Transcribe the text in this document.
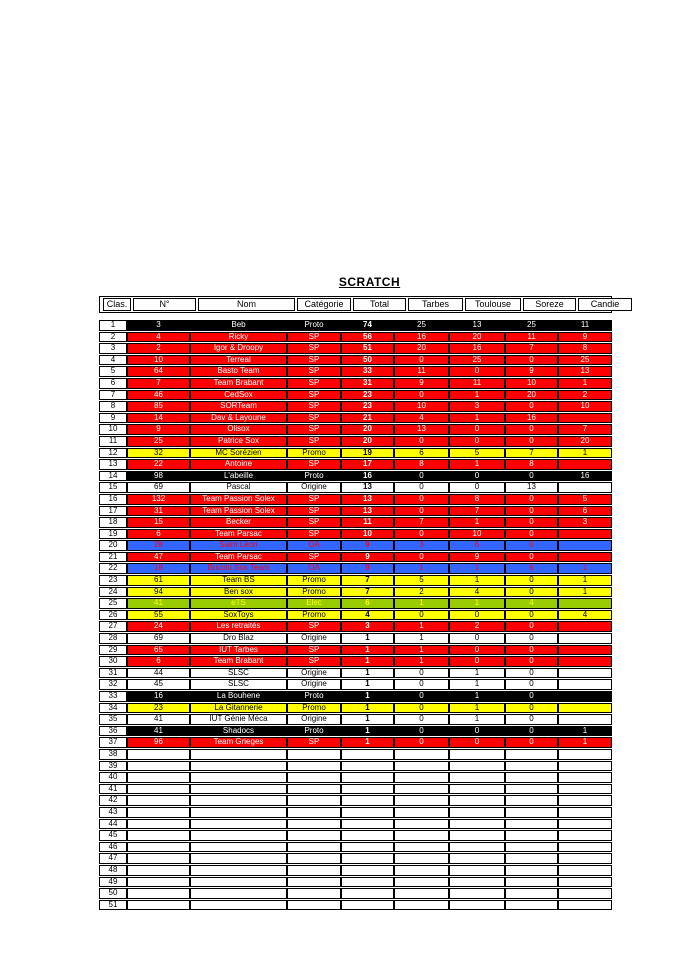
SCRATCH
Clas.	N°	Nom	Catégorie	Total	Tarbes	Toulouse	Soreze	Candie
1	3	Beb	Proto	74	25	13	25	11
2	4	Ricky	SP	56	16	20	11	9
3	2	Igor & Droopy	SP	51	20	16	7	8
4	10	Terreal	SP	50	0	25	0	25
5	64	Basto Team	SP	33	11	0	9	13
6	7	Team Brabant	SP	31	9	11	10	1
7	46	CedSox	SP	23	0	1	20	2
8	85	SORTeam	SP	23	10	3	0	10
9	14	Dav & Layoune	SP	21	4	1	16	
10	9	Olisox	SP	20	13	0	0	7
11	25	Patrice Sox	SP	20	0	0	0	20
12	32	MC Sorézien	Promo	19	6	5	7	1
13	22	Antoine	SP	17	8	1	8	
14	98	L'abeille	Proto	16	0	0	0	16
15	69	Pascal	Origine	13	0	0	13	
16	132	Team Passion Solex	SP	13	0	8	0	5
17	31	Team Passion Solex	SP	13	0	7	0	6
18	15	Becker	SP	11	7	1	0	3
19	6	Team Parsac	SP	10	0	10	0	
20	28	Saint Léon	OA	9	3	6	0	
21	47	Team Parsac	SP	9	0	9	0	
22	18	Bricolo Sox Team	OA	9	1	1	6	1
23	61	Team BS	Promo	7	5	1	0	1
24	94	Ben sox	Promo	7	2	4	0	1
25	41	eTS	Elec	6	1	1	4	
26	55	SoxToys	Promo	4	0	0	0	4
27	24	Les retraités	SP	3	1	2	0	
28	69	Dro Blaz	Origine	1	1	0	0	
29	65	IUT Tarbes	SP	1	1	0	0	
30	6	Team Brabant	SP	1	1	0	0	
31	44	SLSC	Origine	1	0	1	0	
32	45	SLSC	Origine	1	0	1	0	
33	16	La Bouhene	Proto	1	0	1	0	
34	23	La Gitannerie	Promo	1	0	1	0	
35	41	IUT Génie Méca	Origine	1	0	1	0	
36	41	Shadocs	Proto	1	0	0	0	1
37	96	Team Grieges	SP	1	0	0	0	1
38								
39								
40								
41								
42								
43								
44								
45								
46								
47								
48								
49								
50								
51								
